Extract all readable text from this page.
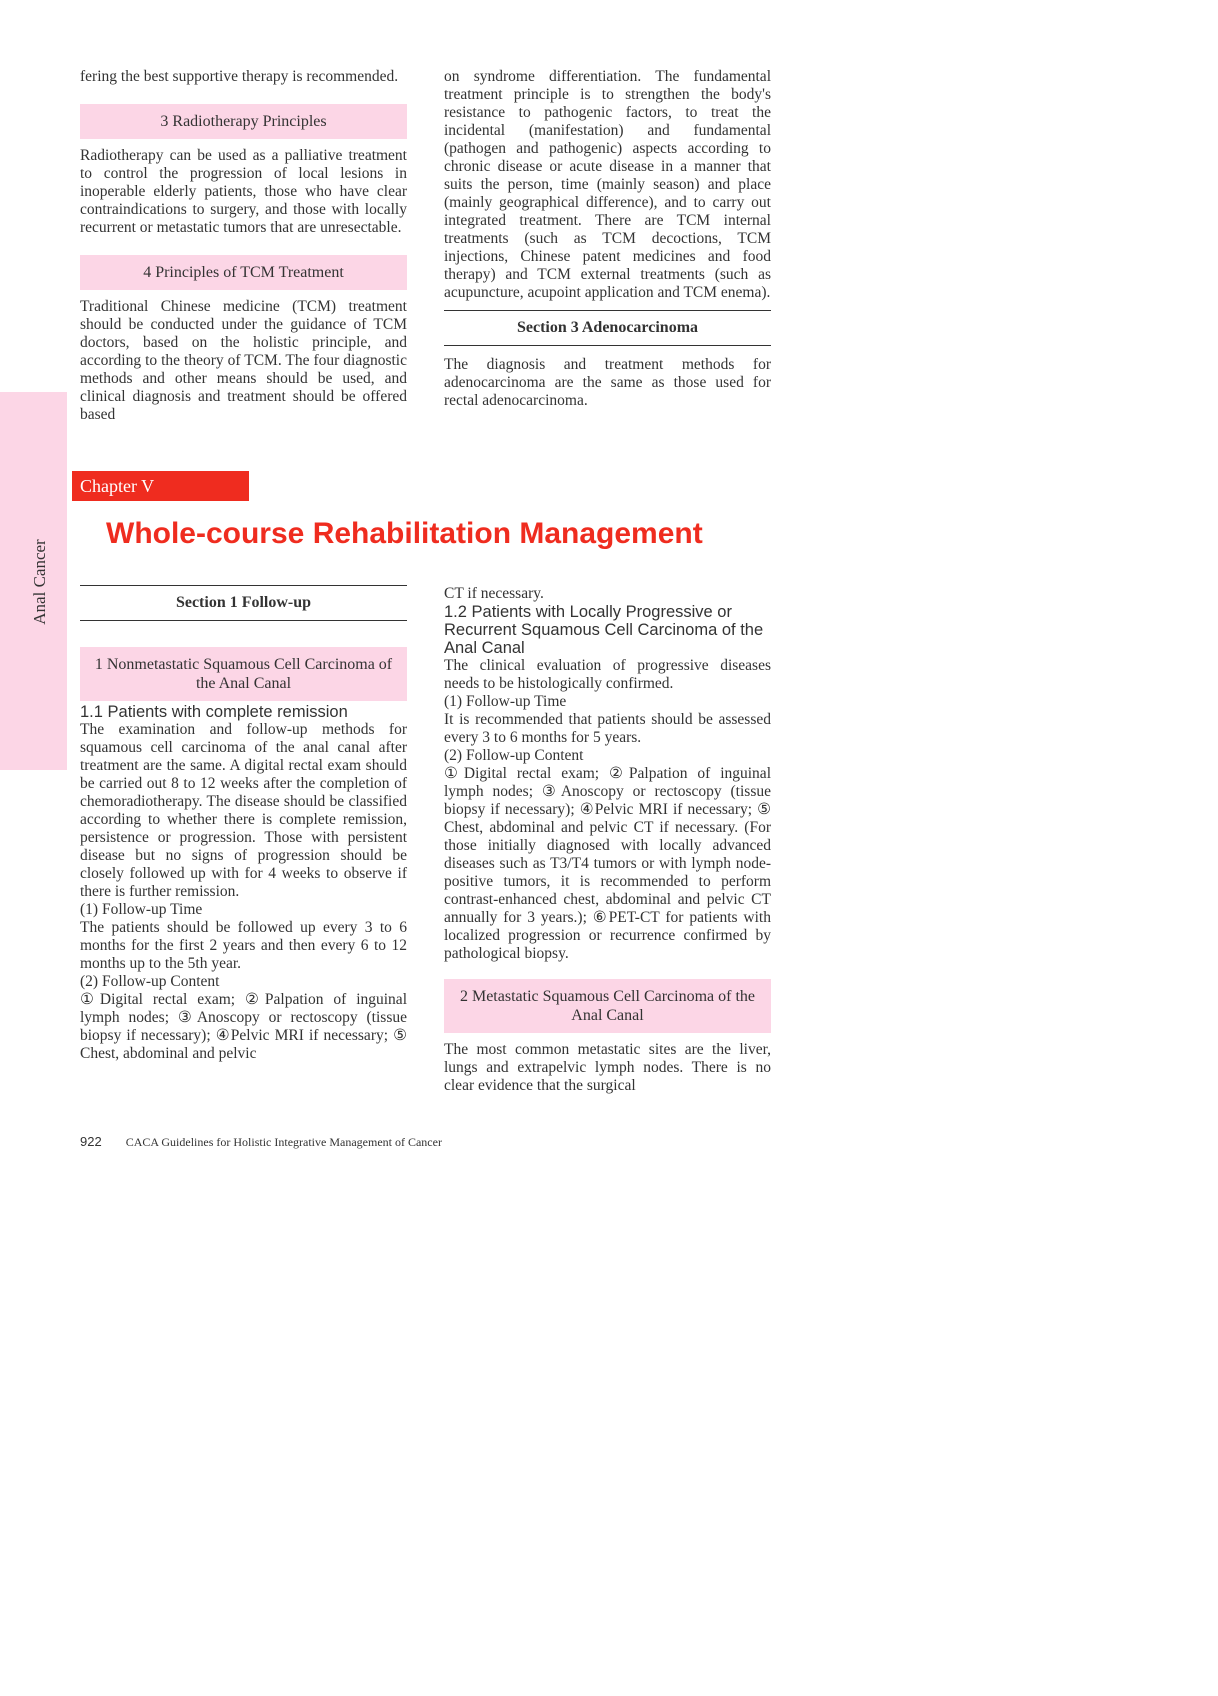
Anal Cancer

fering the best supportive therapy is recommended.

3 Radiotherapy Principles

Radiotherapy can be used as a palliative treatment to control the progression of local lesions in inoperable elderly patients, those who have clear contraindications to surgery, and those with locally recurrent or metastatic tumors that are unresectable.

4 Principles of TCM Treatment

Traditional Chinese medicine (TCM) treatment should be conducted under the guidance of TCM doctors, based on the holistic principle, and according to the theory of TCM. The four diagnostic methods and other means should be used, and clinical diagnosis and treatment should be offered based

on syndrome differentiation. The fundamental treatment principle is to strengthen the body's resistance to pathogenic factors, to treat the incidental (manifestation) and fundamental (pathogen and pathogenic) aspects according to chronic disease or acute disease in a manner that suits the person, time (mainly season) and place (mainly geographical difference), and to carry out integrated treatment. There are TCM internal treatments (such as TCM decoctions, TCM injections, Chinese patent medicines and food therapy) and TCM external treatments (such as acupuncture, acupoint application and TCM enema).

Section 3 Adenocarcinoma

The diagnosis and treatment methods for adenocarcinoma are the same as those used for rectal adenocarcinoma.

Chapter V
Whole-course Rehabilitation Management
Section 1 Follow-up
1 Nonmetastatic Squamous Cell Carcinoma of the Anal Canal
1.1 Patients with complete remission

The examination and follow-up methods for squamous cell carcinoma of the anal canal after treatment are the same. A digital rectal exam should be carried out 8 to 12 weeks after the completion of chemoradiotherapy. The disease should be classified according to whether there is complete remission, persistence or progression. Those with persistent disease but no signs of progression should be closely followed up with for 4 weeks to observe if there is further remission.

(1) Follow-up Time

The patients should be followed up every 3 to 6 months for the first 2 years and then every 6 to 12 months up to the 5th year.

(2) Follow-up Content

①Digital rectal exam; ②Palpation of inguinal lymph nodes; ③Anoscopy or rectoscopy (tissue biopsy if necessary); ④Pelvic MRI if necessary; ⑤ Chest, abdominal and pelvic

CT if necessary.

1.2 Patients with Locally Progressive or Recurrent Squamous Cell Carcinoma of the Anal Canal

The clinical evaluation of progressive diseases needs to be histologically confirmed.

(1) Follow-up Time

It is recommended that patients should be assessed every 3 to 6 months for 5 years.

(2) Follow-up Content

①Digital rectal exam; ②Palpation of inguinal lymph nodes; ③Anoscopy or rectoscopy (tissue biopsy if necessary); ④Pelvic MRI if necessary; ⑤ Chest, abdominal and pelvic CT if necessary. (For those initially diagnosed with locally advanced diseases such as T3/T4 tumors or with lymph node-positive tumors, it is recommended to perform contrast-enhanced chest, abdominal and pelvic CT annually for 3 years.); ⑥PET-CT for patients with localized progression or recurrence confirmed by pathological biopsy.

2 Metastatic Squamous Cell Carcinoma of the Anal Canal

The most common metastatic sites are the liver, lungs and extrapelvic lymph nodes. There is no clear evidence that the surgical

922 CACA Guidelines for Holistic Integrative Management of Cancer
